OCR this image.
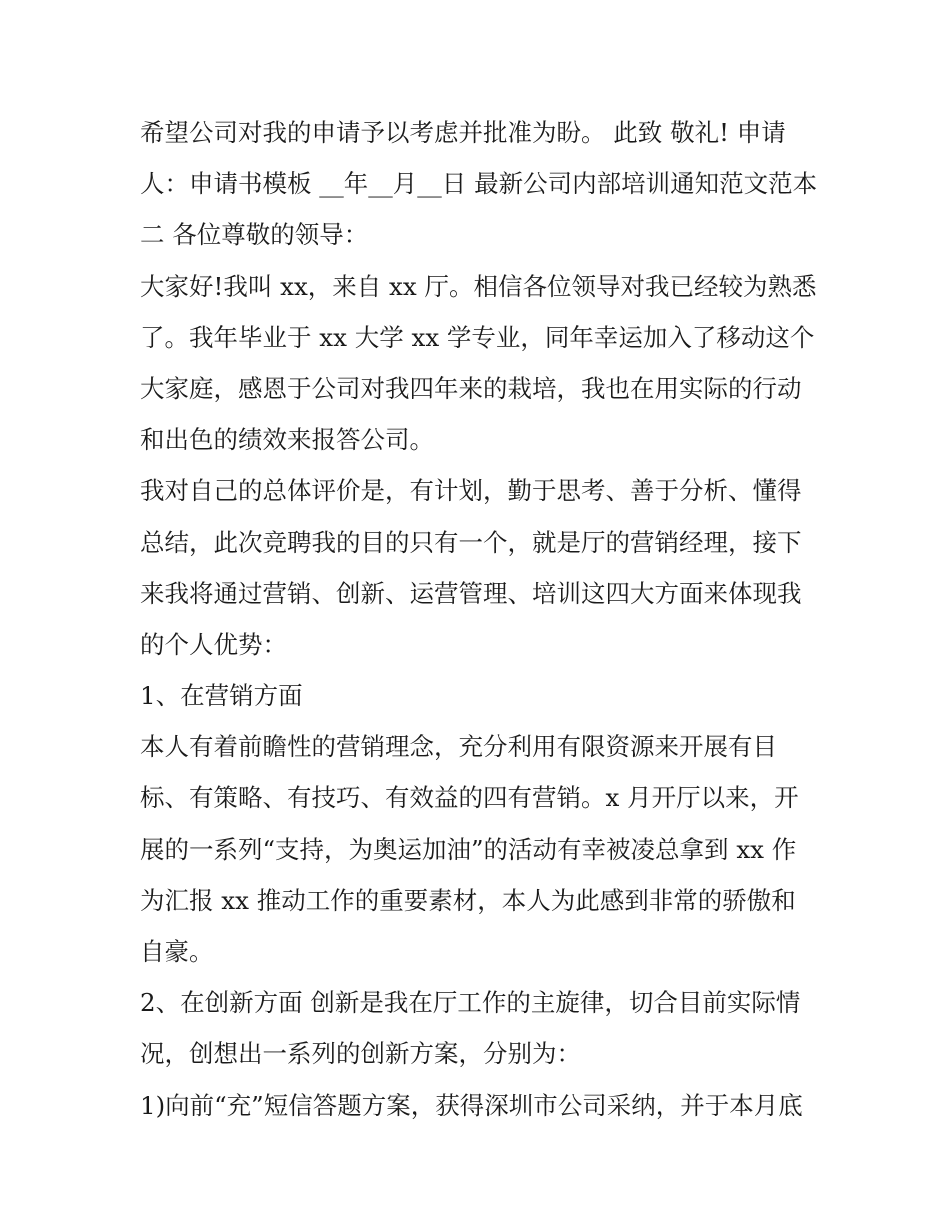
希望公司对我的申请予以考虑并批准为盼。 此致 敬礼! 申请
人：申请书模板 __年__月__日 最新公司内部培训通知范文范本
二 各位尊敬的领导：
大家好!我叫 xx，来自 xx 厅。相信各位领导对我已经较为熟悉
了。我年毕业于 xx 大学 xx 学专业，同年幸运加入了移动这个
大家庭，感恩于公司对我四年来的栽培，我也在用实际的行动
和出色的绩效来报答公司。
我对自己的总体评价是，有计划，勤于思考、善于分析、懂得
总结，此次竞聘我的目的只有一个，就是厅的营销经理，接下
来我将通过营销、创新、运营管理、培训这四大方面来体现我
的个人优势：
1、在营销方面
本人有着前瞻性的营销理念，充分利用有限资源来开展有目
标、有策略、有技巧、有效益的四有营销。x 月开厅以来，开
展的一系列“支持，为奥运加油”的活动有幸被凌总拿到 xx 作
为汇报 xx 推动工作的重要素材，本人为此感到非常的骄傲和
自豪。
2、在创新方面 创新是我在厅工作的主旋律，切合目前实际情
况，创想出一系列的创新方案，分别为：
1)向前“充”短信答题方案，获得深圳市公司采纳，并于本月底
